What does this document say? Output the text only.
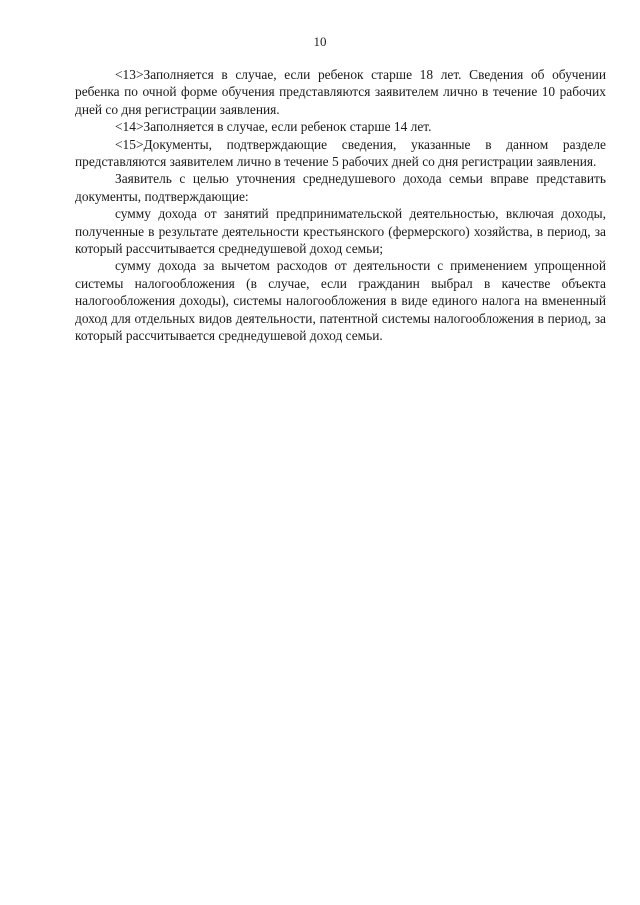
10

<13>Заполняется в случае, если ребенок старше 18 лет. Сведения об обучении ребенка по очной форме обучения представляются заявителем лично в течение 10 рабочих дней со дня регистрации заявления.

<14>Заполняется в случае, если ребенок старше 14 лет.

<15>Документы, подтверждающие сведения, указанные в данном разделе представляются заявителем лично в течение 5 рабочих дней со дня регистрации заявления.

Заявитель с целью уточнения среднедушевого дохода семьи вправе представить документы, подтверждающие:

сумму дохода от занятий предпринимательской деятельностью, включая доходы, полученные в результате деятельности крестьянского (фермерского) хозяйства, в период, за который рассчитывается среднедушевой доход семьи;

сумму дохода за вычетом расходов от деятельности с применением упрощенной системы налогообложения (в случае, если гражданин выбрал в качестве объекта налогообложения доходы), системы налогообложения в виде единого налога на вмененный доход для отдельных видов деятельности, патентной системы налогообложения в период, за который рассчитывается среднедушевой доход семьи.
